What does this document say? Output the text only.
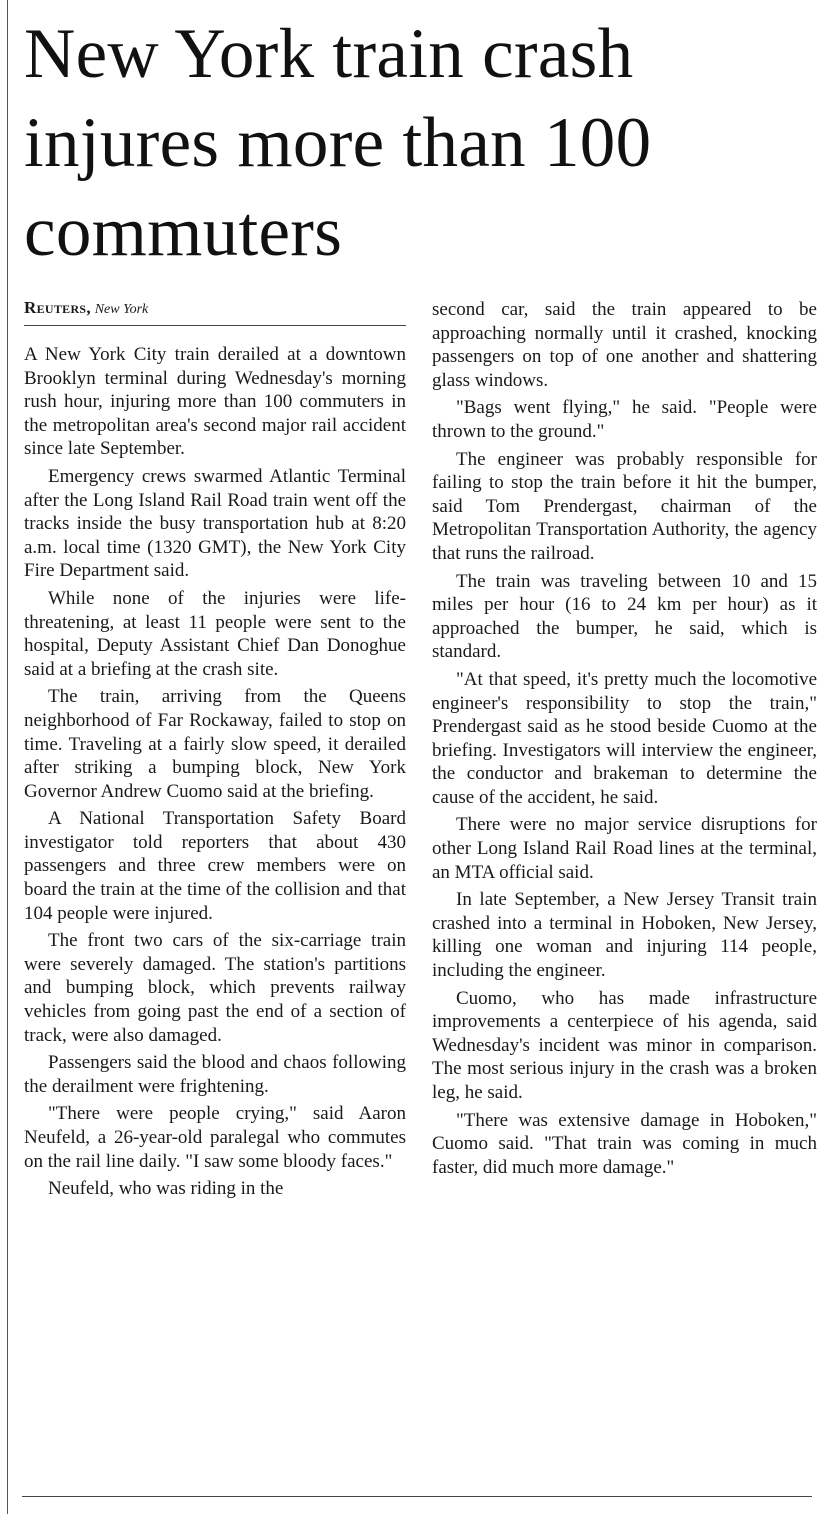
New York train crash injures more than 100 commuters
Reuters, New York

A New York City train derailed at a downtown Brooklyn terminal during Wednesday's morning rush hour, injuring more than 100 commuters in the metropolitan area's second major rail accident since late September.

Emergency crews swarmed Atlantic Terminal after the Long Island Rail Road train went off the tracks inside the busy transportation hub at 8:20 a.m. local time (1320 GMT), the New York City Fire Department said.

While none of the injuries were life-threatening, at least 11 people were sent to the hospital, Deputy Assistant Chief Dan Donoghue said at a briefing at the crash site.

The train, arriving from the Queens neighborhood of Far Rockaway, failed to stop on time. Traveling at a fairly slow speed, it derailed after striking a bumping block, New York Governor Andrew Cuomo said at the briefing.

A National Transportation Safety Board investigator told reporters that about 430 passengers and three crew members were on board the train at the time of the collision and that 104 people were injured.

The front two cars of the six-carriage train were severely damaged. The station's partitions and bumping block, which prevents railway vehicles from going past the end of a section of track, were also damaged.

Passengers said the blood and chaos following the derailment were frightening.

"There were people crying," said Aaron Neufeld, a 26-year-old paralegal who commutes on the rail line daily. "I saw some bloody faces."

Neufeld, who was riding in the

second car, said the train appeared to be approaching normally until it crashed, knocking passengers on top of one another and shattering glass windows.

"Bags went flying," he said. "People were thrown to the ground."

The engineer was probably responsible for failing to stop the train before it hit the bumper, said Tom Prendergast, chairman of the Metropolitan Transportation Authority, the agency that runs the railroad.

The train was traveling between 10 and 15 miles per hour (16 to 24 km per hour) as it approached the bumper, he said, which is standard.

"At that speed, it's pretty much the locomotive engineer's responsibility to stop the train," Prendergast said as he stood beside Cuomo at the briefing. Investigators will interview the engineer, the conductor and brakeman to determine the cause of the accident, he said.

There were no major service disruptions for other Long Island Rail Road lines at the terminal, an MTA official said.

In late September, a New Jersey Transit train crashed into a terminal in Hoboken, New Jersey, killing one woman and injuring 114 people, including the engineer.

Cuomo, who has made infrastructure improvements a centerpiece of his agenda, said Wednesday's incident was minor in comparison. The most serious injury in the crash was a broken leg, he said.

"There was extensive damage in Hoboken," Cuomo said. "That train was coming in much faster, did much more damage."
